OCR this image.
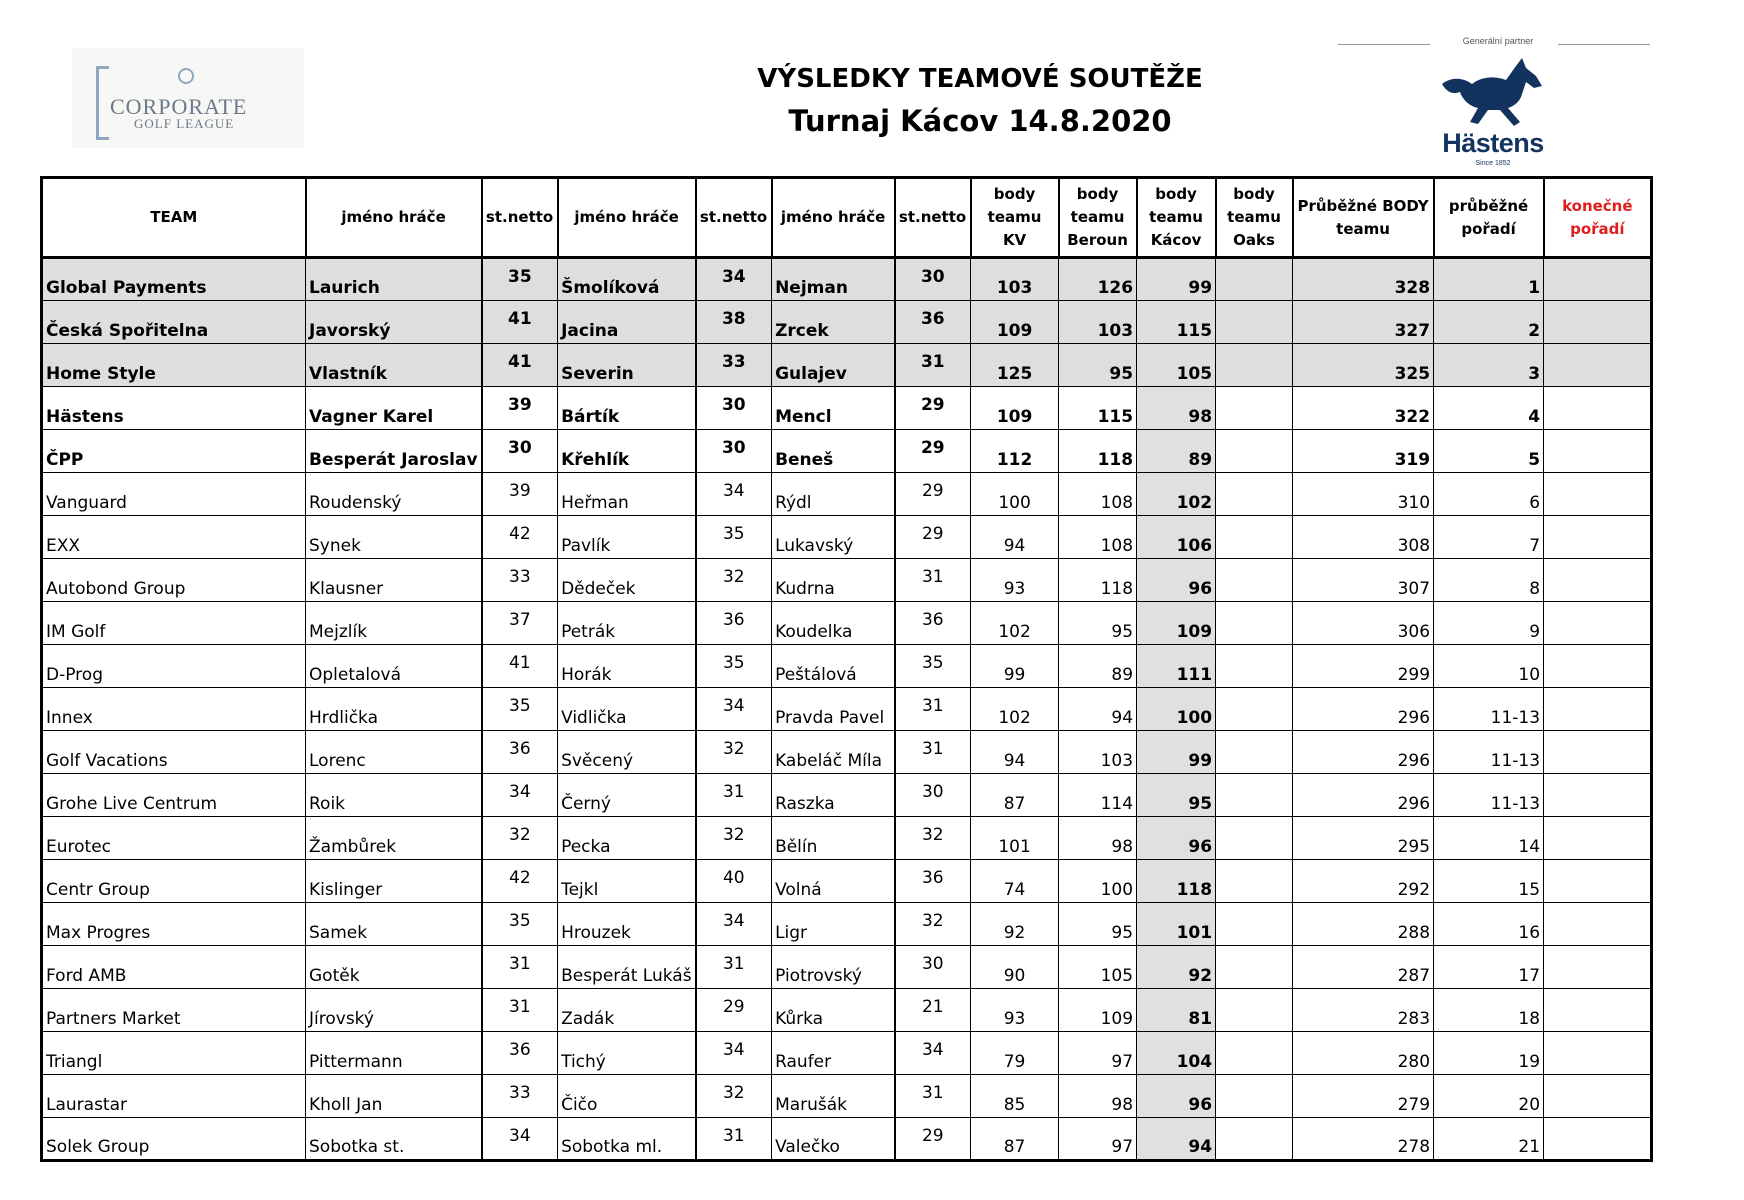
CORPORATE
GOLF LEAGUE
VÝSLEDKY TEAMOVÉ SOUTĚŽE
Turnaj Kácov 14.8.2020
Generální partner
Hästens
Since 1852
TEAM	jméno hráče	st.netto	jméno hráče	st.netto	jméno hráče	st.netto	body teamu KV	body teamu Beroun	body teamu Kácov	body teamu Oaks	Průběžné BODY teamu	průběžné pořadí	konečné pořadí
Global Payments	Laurich	35	Šmolíková	34	Nejman	30	103	126	99		328	1	
Česká Spořitelna	Javorský	41	Jacina	38	Zrcek	36	109	103	115		327	2	
Home Style	Vlastník	41	Severin	33	Gulajev	31	125	95	105		325	3	
Hästens	Vagner Karel	39	Bártík	30	Mencl	29	109	115	98		322	4	
ČPP	Besperát Jaroslav	30	Křehlík	30	Beneš	29	112	118	89		319	5	
Vanguard	Roudenský	39	Heřman	34	Rýdl	29	100	108	102		310	6	
EXX	Synek	42	Pavlík	35	Lukavský	29	94	108	106		308	7	
Autobond Group	Klausner	33	Dědeček	32	Kudrna	31	93	118	96		307	8	
IM Golf	Mejzlík	37	Petrák	36	Koudelka	36	102	95	109		306	9	
D-Prog	Opletalová	41	Horák	35	Peštálová	35	99	89	111		299	10	
Innex	Hrdlička	35	Vidlička	34	Pravda Pavel	31	102	94	100		296	11-13	
Golf Vacations	Lorenc	36	Svěcený	32	Kabeláč Míla	31	94	103	99		296	11-13	
Grohe Live Centrum	Roik	34	Černý	31	Raszka	30	87	114	95		296	11-13	
Eurotec	Žambůrek	32	Pecka	32	Bělín	32	101	98	96		295	14	
Centr Group	Kislinger	42	Tejkl	40	Volná	36	74	100	118		292	15	
Max Progres	Samek	35	Hrouzek	34	Ligr	32	92	95	101		288	16	
Ford AMB	Gotěk	31	Besperát Lukáš	31	Piotrovský	30	90	105	92		287	17	
Partners Market	Jírovský	31	Zadák	29	Kůrka	21	93	109	81		283	18	
Triangl	Pittermann	36	Tichý	34	Raufer	34	79	97	104		280	19	
Laurastar	Kholl Jan	33	Čičo	32	Marušák	31	85	98	96		279	20	
Solek Group	Sobotka st.	34	Sobotka ml.	31	Valečko	29	87	97	94		278	21	
